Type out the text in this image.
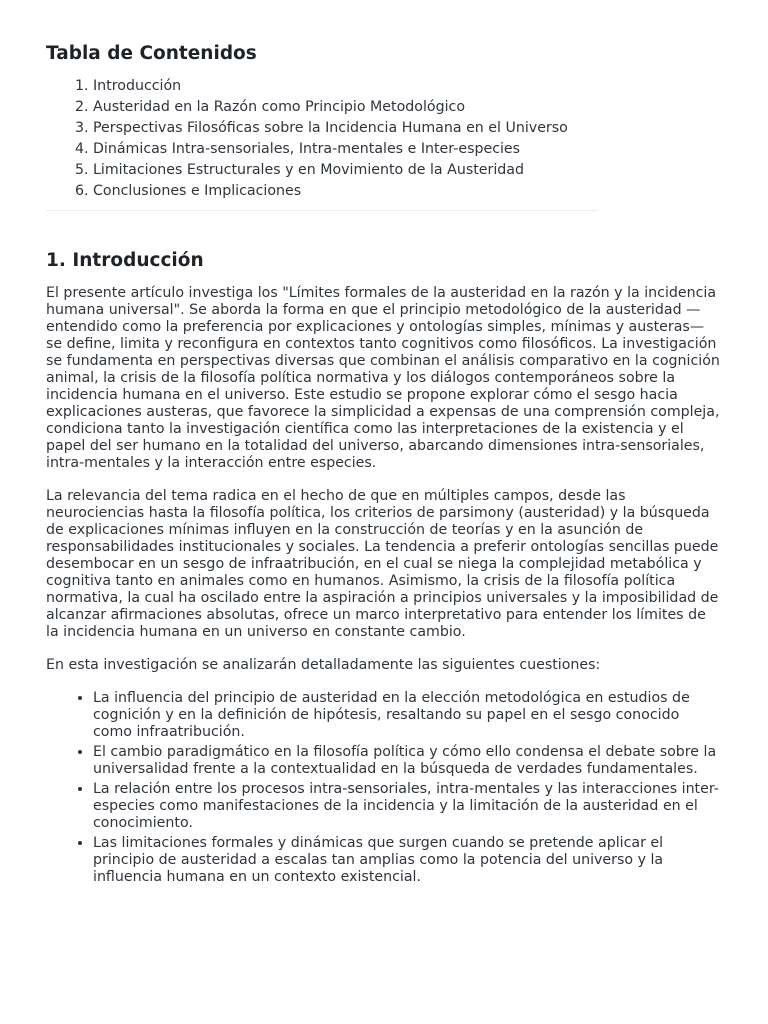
Tabla de Contenidos
1. Introducción
2. Austeridad en la Razón como Principio Metodológico
3. Perspectivas Filosóficas sobre la Incidencia Humana en el Universo
4. Dinámicas Intra-sensoriales, Intra-mentales e Inter-especies
5. Limitaciones Estructurales y en Movimiento de la Austeridad
6. Conclusiones e Implicaciones
1. Introducción

El presente artículo investiga los "Límites formales de la austeridad en la razón y la incidencia humana universal". Se aborda la forma en que el principio metodológico de la austeridad —entendido como la preferencia por explicaciones y ontologías simples, mínimas y austeras— se define, limita y reconfigura en contextos tanto cognitivos como filosóficos. La investigación se fundamenta en perspectivas diversas que combinan el análisis comparativo en la cognición animal, la crisis de la filosofía política normativa y los diálogos contemporáneos sobre la incidencia humana en el universo. Este estudio se propone explorar cómo el sesgo hacia explicaciones austeras, que favorece la simplicidad a expensas de una comprensión compleja, condiciona tanto la investigación científica como las interpretaciones de la existencia y el papel del ser humano en la totalidad del universo, abarcando dimensiones intra-sensoriales, intra-mentales y la interacción entre especies.

La relevancia del tema radica en el hecho de que en múltiples campos, desde las neurociencias hasta la filosofía política, los criterios de parsimony (austeridad) y la búsqueda de explicaciones mínimas influyen en la construcción de teorías y en la asunción de responsabilidades institucionales y sociales. La tendencia a preferir ontologías sencillas puede desembocar en un sesgo de infraatribución, en el cual se niega la complejidad metabólica y cognitiva tanto en animales como en humanos. Asimismo, la crisis de la filosofía política normativa, la cual ha oscilado entre la aspiración a principios universales y la imposibilidad de alcanzar afirmaciones absolutas, ofrece un marco interpretativo para entender los límites de la incidencia humana en un universo en constante cambio.

En esta investigación se analizarán detalladamente las siguientes cuestiones:

• La influencia del principio de austeridad en la elección metodológica en estudios de cognición y en la definición de hipótesis, resaltando su papel en el sesgo conocido como infraatribución.
• El cambio paradigmático en la filosofía política y cómo ello condensa el debate sobre la universalidad frente a la contextualidad en la búsqueda de verdades fundamentales.
• La relación entre los procesos intra-sensoriales, intra-mentales y las interacciones inter-especies como manifestaciones de la incidencia y la limitación de la austeridad en el conocimiento.
• Las limitaciones formales y dinámicas que surgen cuando se pretende aplicar el principio de austeridad a escalas tan amplias como la potencia del universo y la influencia humana en un contexto existencial.
